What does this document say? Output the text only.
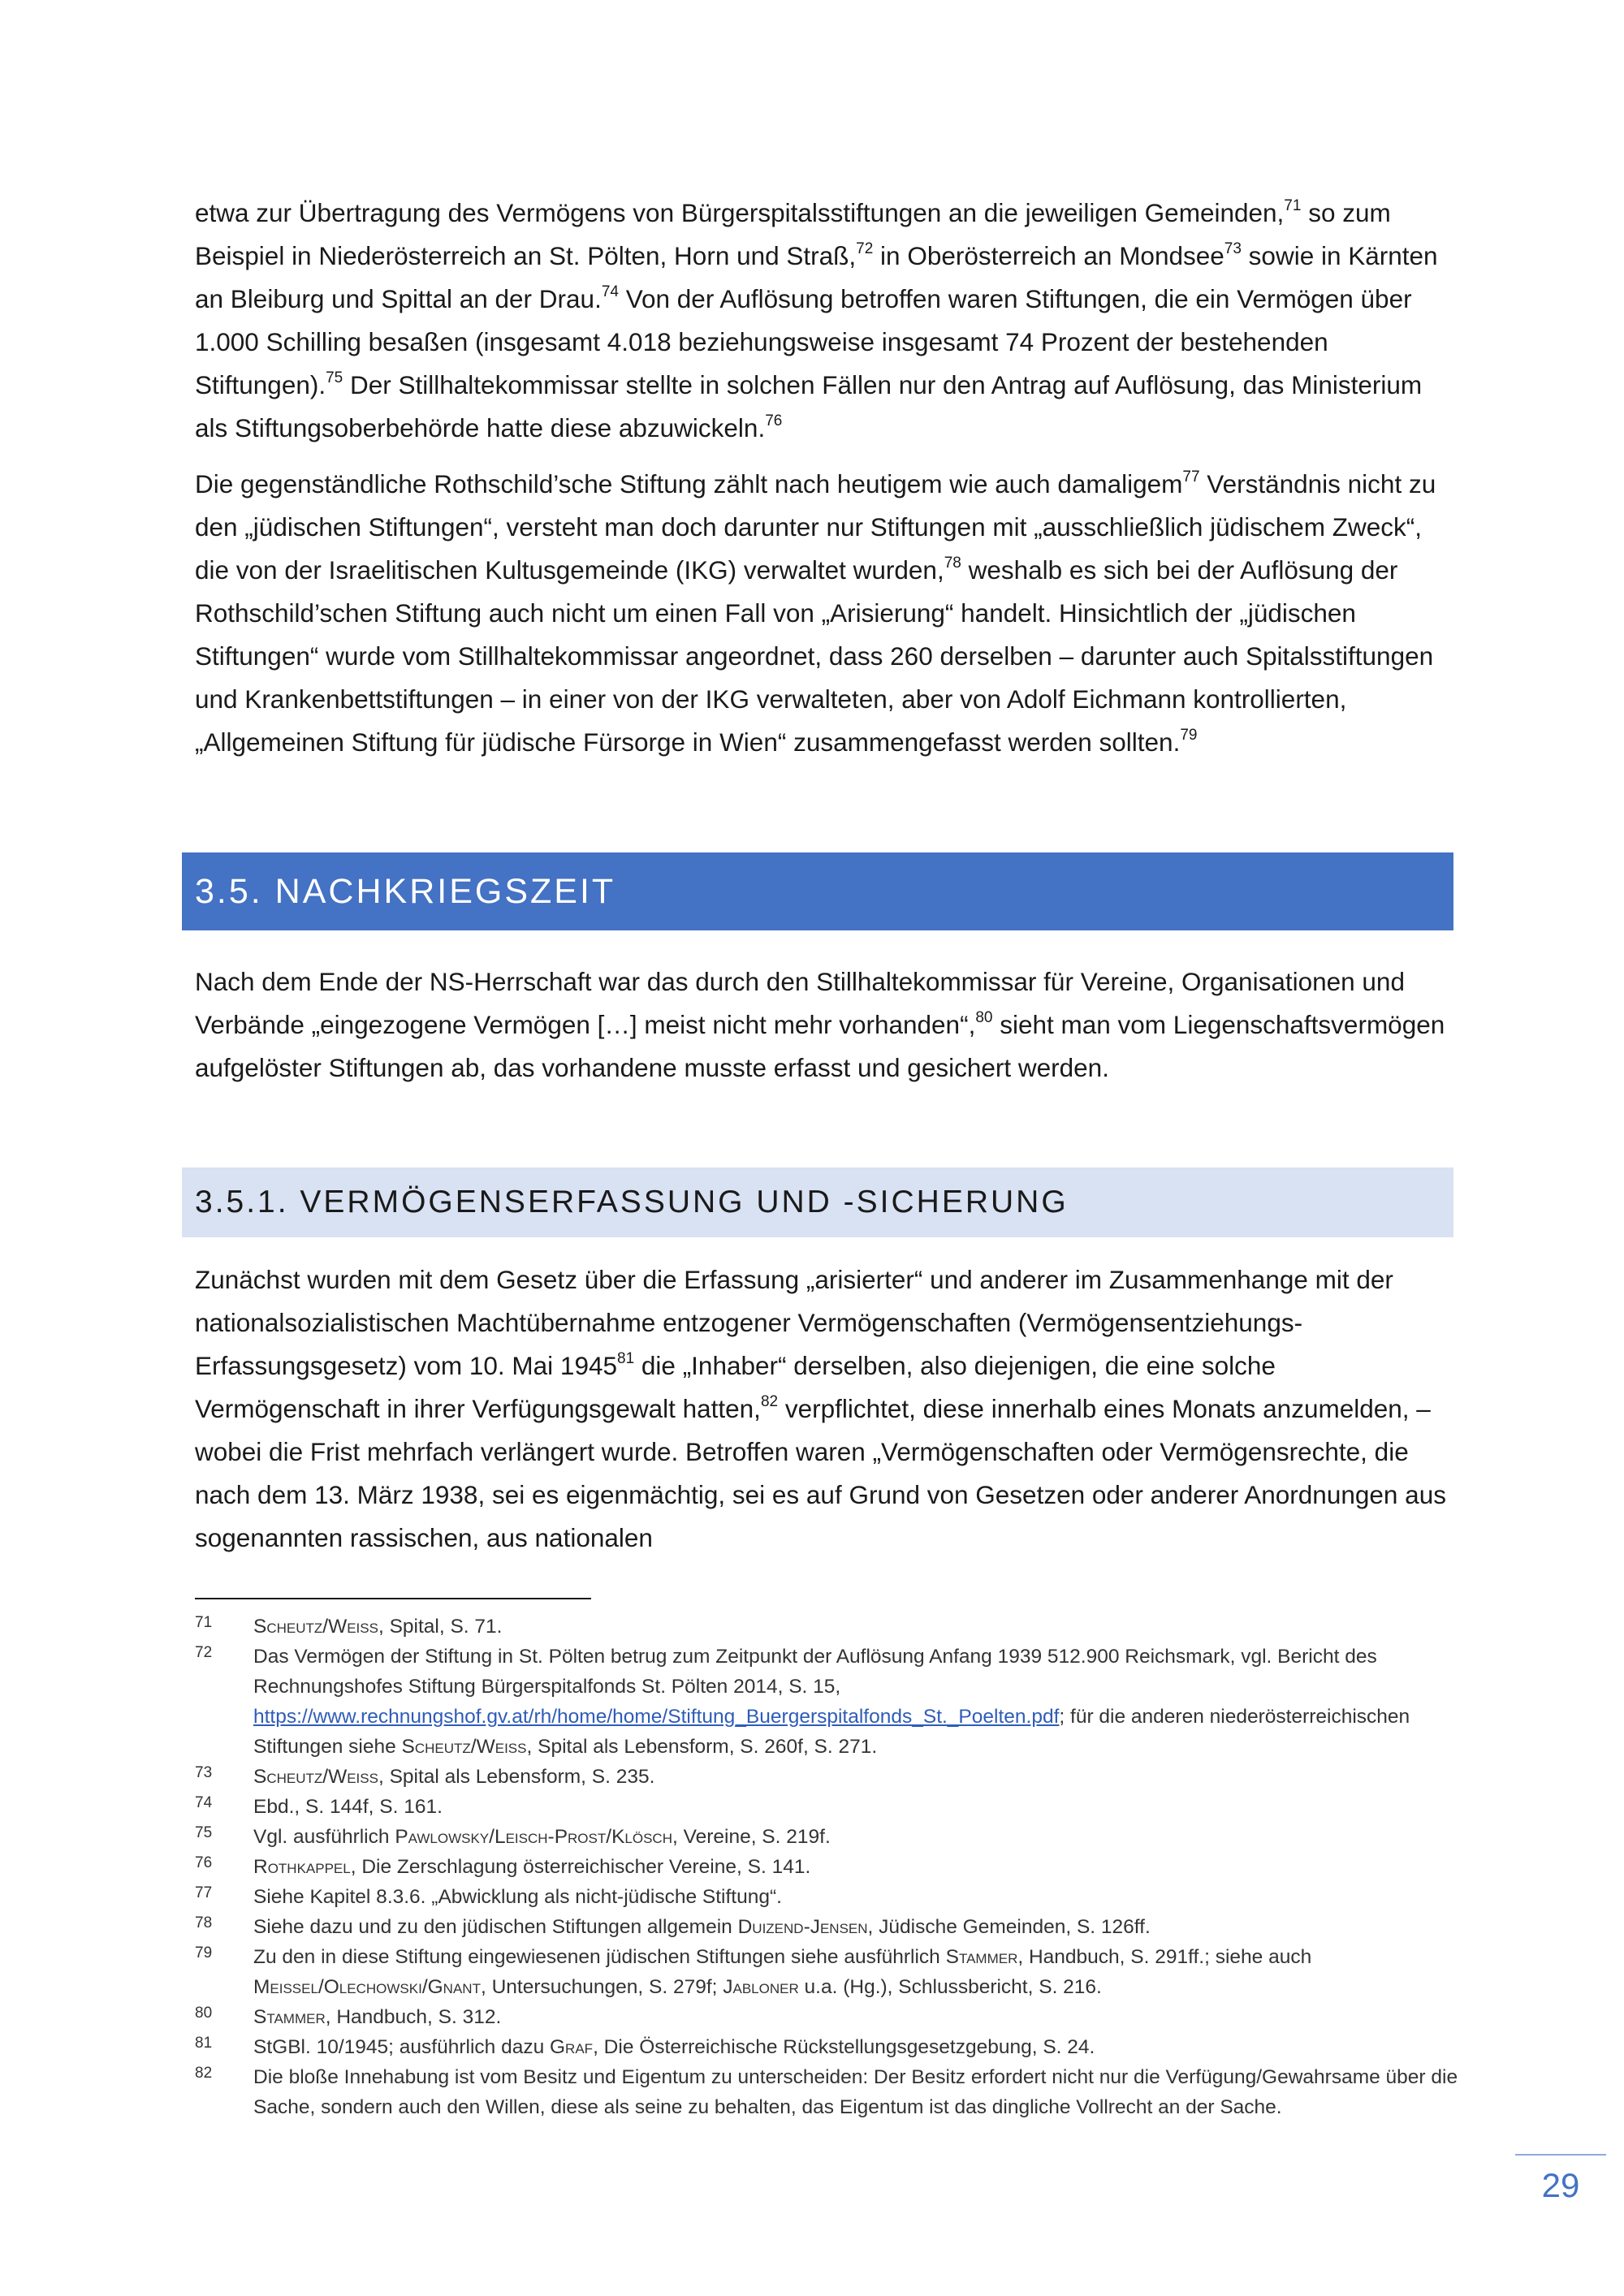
etwa zur Übertragung des Vermögens von Bürgerspitalsstiftungen an die jeweiligen Gemeinden,$^{71}$ so zum Beispiel in Niederösterreich an St. Pölten, Horn und Straß,$^{72}$ in Oberösterreich an Mondsee$^{73}$ sowie in Kärnten an Bleiburg und Spittal an der Drau.$^{74}$ Von der Auflösung betroffen waren Stiftungen, die ein Vermögen über 1.000 Schilling besaßen (insgesamt 4.018 beziehungsweise insgesamt 74 Prozent der bestehenden Stiftungen).$^{75}$ Der Stillhaltekommissar stellte in solchen Fällen nur den Antrag auf Auflösung, das Ministerium als Stiftungsoberbehörde hatte diese abzuwickeln.$^{76}$

Die gegenständliche Rothschild’sche Stiftung zählt nach heutigem wie auch damaligem$^{77}$ Verständnis nicht zu den „jüdischen Stiftungen“, versteht man doch darunter nur Stiftungen mit „ausschließlich jüdischem Zweck“, die von der Israelitischen Kultusgemeinde (IKG) verwaltet wurden,$^{78}$ weshalb es sich bei der Auflösung der Rothschild’schen Stiftung auch nicht um einen Fall von „Arisierung“ handelt. Hinsichtlich der „jüdischen Stiftungen“ wurde vom Stillhaltekommissar angeordnet, dass 260 derselben – darunter auch Spitalsstiftungen und Krankenbettstiftungen – in einer von der IKG verwalteten, aber von Adolf Eichmann kontrollierten, „Allgemeinen Stiftung für jüdische Fürsorge in Wien“ zusammengefasst werden sollten.$^{79}$

3.5. NACHKRIEGSZEIT

Nach dem Ende der NS-Herrschaft war das durch den Stillhaltekommissar für Vereine, Organisationen und Verbände „eingezogene Vermögen […] meist nicht mehr vorhanden“,$^{80}$ sieht man vom Liegenschaftsvermögen aufgelöster Stiftungen ab, das vorhandene musste erfasst und gesichert werden.

3.5.1. VERMÖGENSERFASSUNG UND -SICHERUNG

Zunächst wurden mit dem Gesetz über die Erfassung „arisierter“ und anderer im Zusammenhange mit der nationalsozialistischen Machtübernahme entzogener Vermögenschaften (Vermögensentziehungs-Erfassungsgesetz) vom 10. Mai 1945$^{81}$ die „Inhaber“ derselben, also diejenigen, die eine solche Vermögenschaft in ihrer Verfügungsgewalt hatten,$^{82}$ verpflichtet, diese innerhalb eines Monats anzumelden, – wobei die Frist mehrfach verlängert wurde. Betroffen waren „Vermögenschaften oder Vermögensrechte, die nach dem 13. März 1938, sei es eigenmächtig, sei es auf Grund von Gesetzen oder anderer Anordnungen aus sogenannten rassischen, aus nationalen

71	Scheutz/Weiss, Spital, S. 71.
72	Das Vermögen der Stiftung in St. Pölten betrug zum Zeitpunkt der Auflösung Anfang 1939 512.900 Reichsmark, vgl. Bericht des Rechnungshofes Stiftung Bürgerspitalfonds St. Pölten 2014, S. 15, https://www.rechnungshof.gv.at/rh/home/home/Stiftung_Buergerspitalfonds_St._Poelten.pdf; für die anderen niederösterreichischen Stiftungen siehe Scheutz/Weiss, Spital als Lebensform, S. 260f, S. 271.
73	Scheutz/Weiss, Spital als Lebensform, S. 235.
74	Ebd., S. 144f, S. 161.
75	Vgl. ausführlich Pawlowsky/Leisch-Prost/Klösch, Vereine, S. 219f.
76	Rothkappel, Die Zerschlagung österreichischer Vereine, S. 141.
77	Siehe Kapitel 8.3.6. „Abwicklung als nicht-jüdische Stiftung“.
78	Siehe dazu und zu den jüdischen Stiftungen allgemein Duizend-Jensen, Jüdische Gemeinden, S. 126ff.
79	Zu den in diese Stiftung eingewiesenen jüdischen Stiftungen siehe ausführlich Stammer, Handbuch, S. 291ff.; siehe auch Meissel/Olechowski/Gnant, Untersuchungen, S. 279f; Jabloner u.a. (Hg.), Schlussbericht, S. 216.
80	Stammer, Handbuch, S. 312.
81	StGBl. 10/1945; ausführlich dazu Graf, Die Österreichische Rückstellungsgesetzgebung, S. 24.
82	Die bloße Innehabung ist vom Besitz und Eigentum zu unterscheiden: Der Besitz erfordert nicht nur die Verfügung/Gewahrsame über die Sache, sondern auch den Willen, diese als seine zu behalten, das Eigentum ist das dingliche Vollrecht an der Sache.
29
